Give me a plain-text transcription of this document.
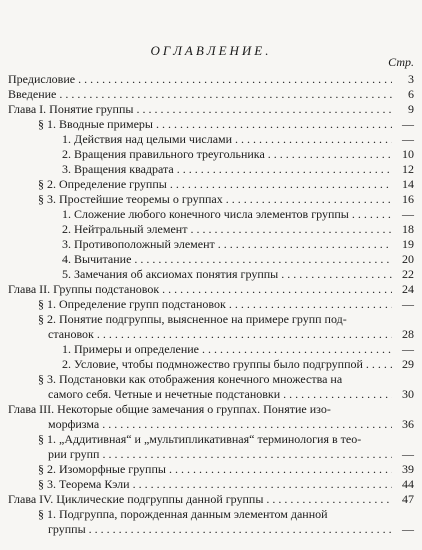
ОГЛАВЛЕНИЕ.
Стр.
Предисловие . . .	3
Введение . . .	6
Глава I. Понятие группы . . .	9
§ 1. Вводные примеры . . .	—
1. Действия над целыми числами . . .	—
2. Вращения правильного треугольника . . .	10
3. Вращения квадрата . . .	12
§ 2. Определение группы . . .	14
§ 3. Простейшие теоремы о группах . . .	16
1. Сложение любого конечного числа элементов группы . . .	—
2. Нейтральный элемент . . .	18
3. Противоположный элемент . . .	19
4. Вычитание . . .	20
5. Замечания об аксиомах понятия группы . . .	22
Глава II. Группы подстановок . . .	24
§ 1. Определение групп подстановок . . .	—
§ 2. Понятие подгруппы, выясненное на примере групп под-
становок . . .	28
1. Примеры и определение . . .	—
2. Условие, чтобы подмножество группы было подгруппой . . .	29
§ 3. Подстановки как отображения конечного множества на
самого себя. Четные и нечетные подстановки . . .	30
Глава III. Некоторые общие замечания о группах. Понятие изо-
морфизма . . .	36
§ 1. „Аддитивная“ и „мультипликативная“ терминология в тео-
рии групп . . .	—
§ 2. Изоморфные группы . . .	39
§ 3. Теорема Кэли . . .	44
Глава IV. Циклические подгруппы данной группы . . .	47
§ 1. Подгруппа, порожденная данным элементом данной
группы . . .	—
